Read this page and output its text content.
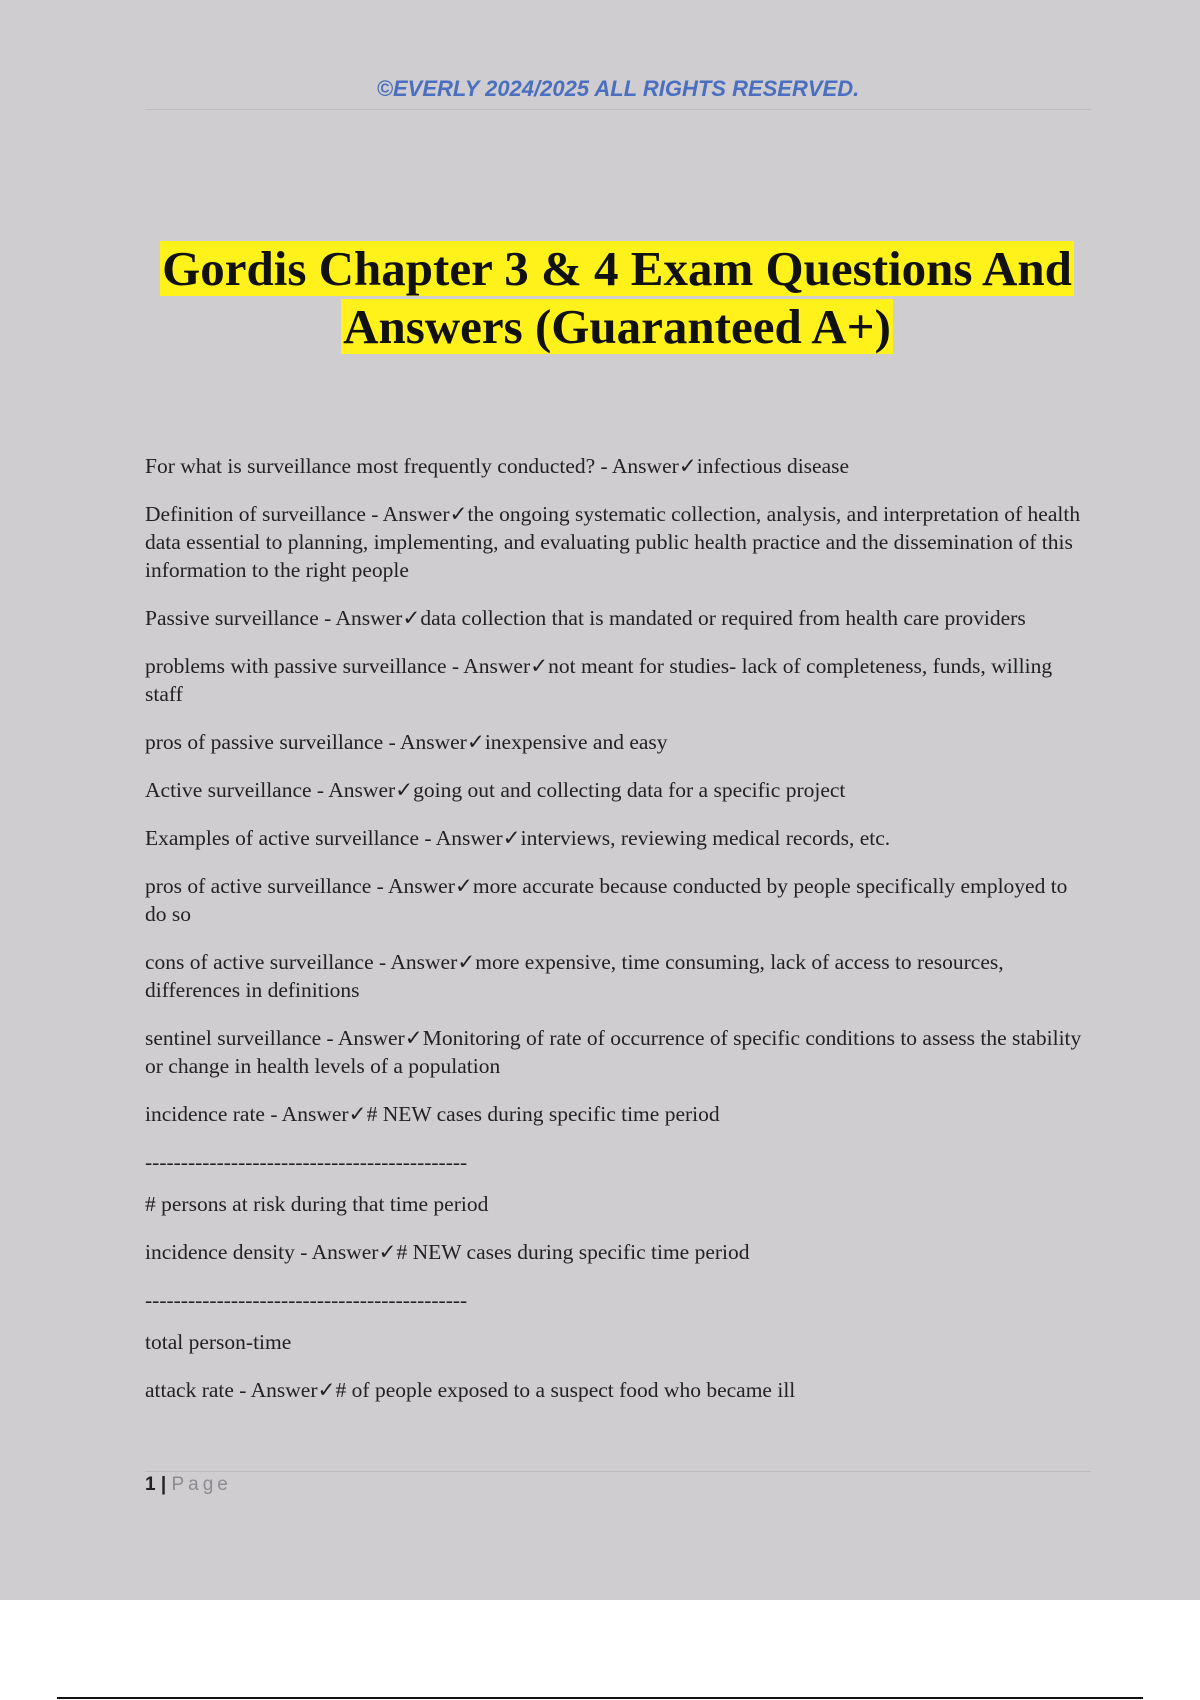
©EVERLY 2024/2025 ALL RIGHTS RESERVED.
Gordis Chapter 3 & 4 Exam Questions And
Answers (Guaranteed A+)

For what is surveillance most frequently conducted? - Answer✓infectious disease

Definition of surveillance - Answer✓the ongoing systematic collection, analysis, and interpretation of health data essential to planning, implementing, and evaluating public health practice and the dissemination of this information to the right people

Passive surveillance - Answer✓data collection that is mandated or required from health care providers

problems with passive surveillance - Answer✓not meant for studies- lack of completeness, funds, willing staff

pros of passive surveillance - Answer✓inexpensive and easy

Active surveillance - Answer✓going out and collecting data for a specific project

Examples of active surveillance - Answer✓interviews, reviewing medical records, etc.

pros of active surveillance - Answer✓more accurate because conducted by people specifically employed to do so

cons of active surveillance - Answer✓more expensive, time consuming, lack of access to resources, differences in definitions

sentinel surveillance - Answer✓Monitoring of rate of occurrence of specific conditions to assess the stability or change in health levels of a population

incidence rate - Answer✓# NEW cases during specific time period

---------------------------------------------

# persons at risk during that time period

incidence density - Answer✓# NEW cases during specific time period

---------------------------------------------

total person-time

attack rate - Answer✓# of people exposed to a suspect food who became ill

1 | Page
